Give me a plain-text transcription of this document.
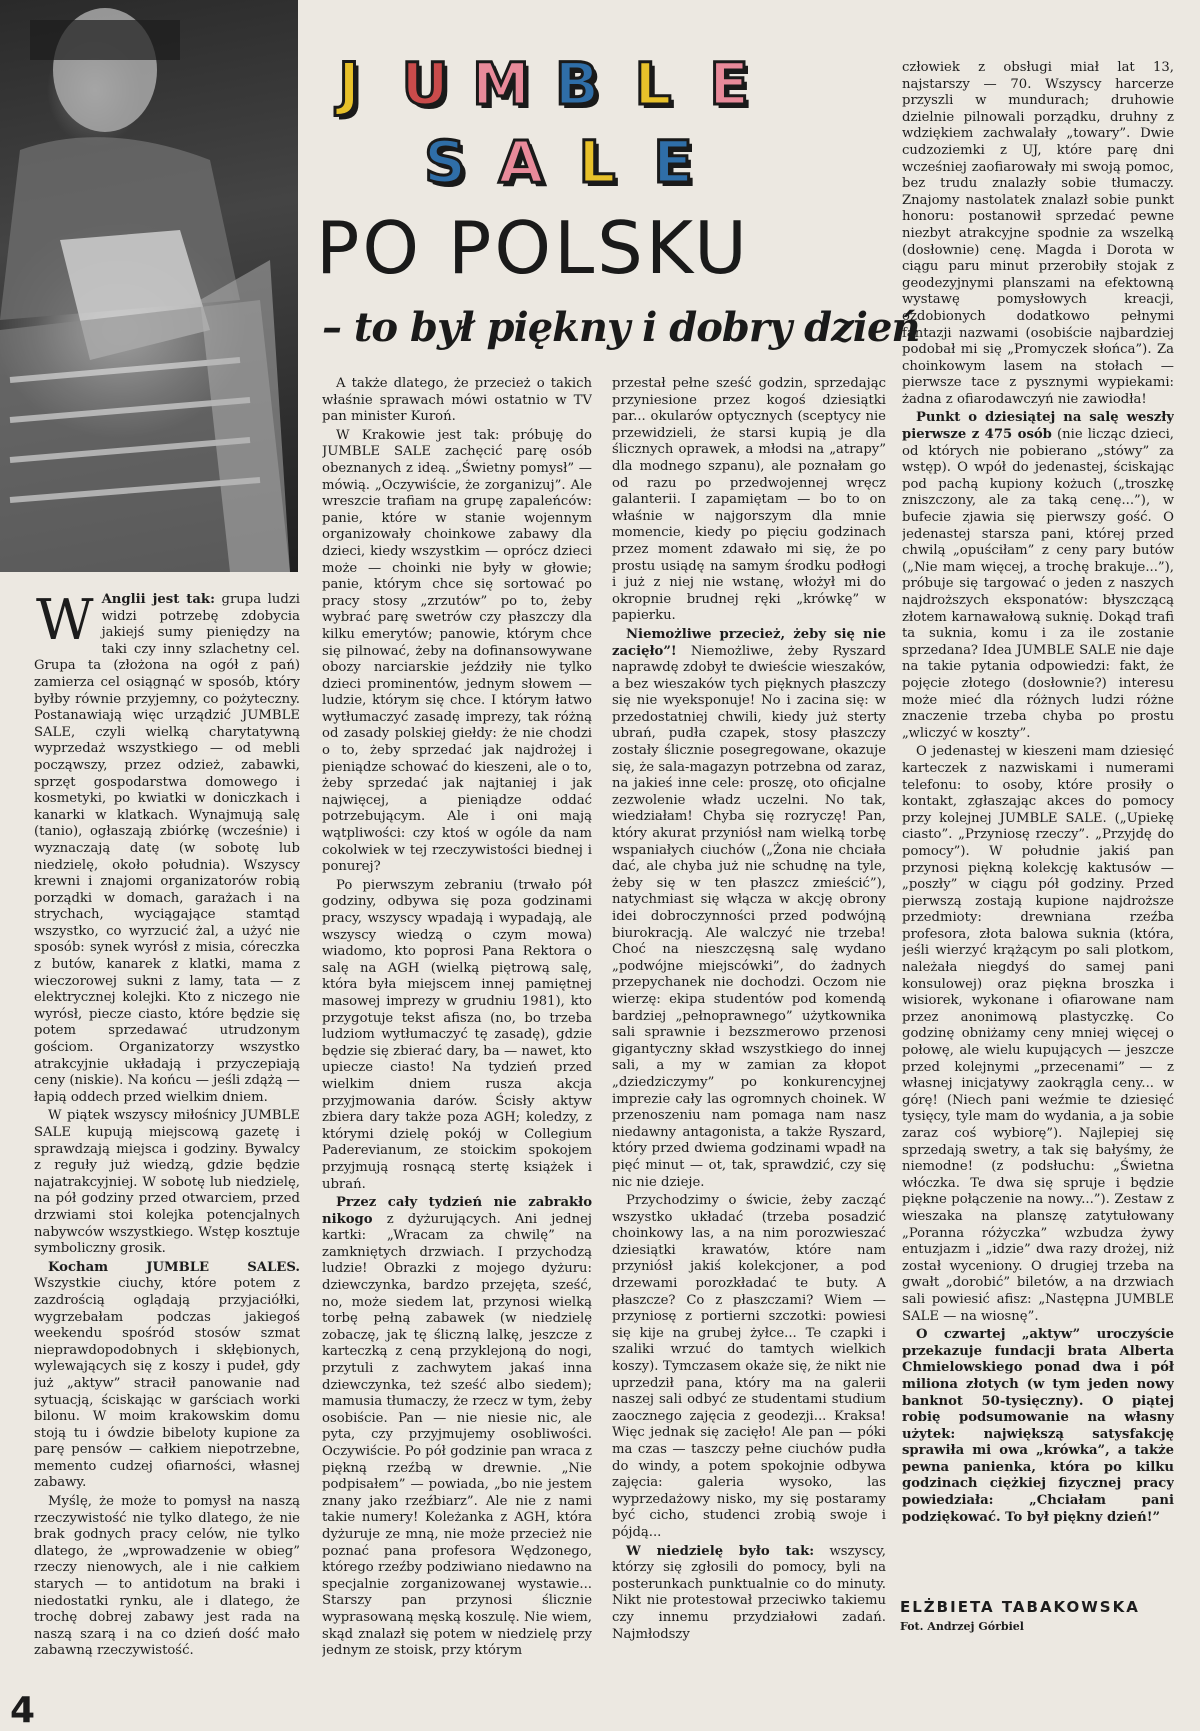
J U M B L E
S A L E
PO POLSKU
– to był piękny i dobry dzień

W Anglii jest tak: grupa ludzi widzi potrzebę zdobycia jakiejś sumy pieniędzy na taki czy inny szlachetny cel. Grupa ta (złożona na ogół z pań) zamierza cel osiągnąć w sposób, który byłby równie przyjemny, co pożyteczny. Postanawiają więc urządzić JUMBLE SALE, czyli wielką charytatywną wyprzedaż wszystkiego — od mebli począwszy, przez odzież, zabawki, sprzęt gospodarstwa domowego i kosmetyki, po kwiatki w doniczkach i kanarki w klatkach. Wynajmują salę (tanio), ogłaszają zbiórkę (wcześnie) i wyznaczają datę (w sobotę lub niedzielę, około południa). Wszyscy krewni i znajomi organizatorów robią porządki w domach, garażach i na strychach, wyciągające stamtąd wszystko, co wyrzucić żal, a użyć nie sposób: synek wyrósł z misia, córeczka z butów, kanarek z klatki, mama z wieczorowej sukni z lamy, tata — z elektrycznej kolejki. Kto z niczego nie wyrósł, piecze ciasto, które będzie się potem sprzedawać utrudzonym gościom. Organizatorzy wszystko atrakcyjnie układają i przyczepiają ceny (niskie). Na końcu — jeśli zdążą — łapią oddech przed wielkim dniem.

W piątek wszyscy miłośnicy JUMBLE SALE kupują miejscową gazetę i sprawdzają miejsca i godziny. Bywalcy z reguły już wiedzą, gdzie będzie najatrakcyjniej. W sobotę lub niedzielę, na pół godziny przed otwarciem, przed drzwiami stoi kolejka potencjalnych nabywców wszystkiego. Wstęp kosztuje symboliczny grosik.

Kocham JUMBLE SALES. Wszystkie ciuchy, które potem z zazdrością oglądają przyjaciółki, wygrzebałam podczas jakiegoś weekendu spośród stosów szmat nieprawdopodobnych i skłębionych, wylewających się z koszy i pudeł, gdy już „aktyw” stracił panowanie nad sytuacją, ściskając w garściach worki bilonu. W moim krakowskim domu stoją tu i ówdzie bibeloty kupione za parę pensów — całkiem niepotrzebne, memento cudzej ofiarności, własnej zabawy.

Myślę, że może to pomysł na naszą rzeczywistość nie tylko dlatego, że nie brak godnych pracy celów, nie tylko dlatego, że „wprowadzenie w obieg” rzeczy nienowych, ale i nie całkiem starych — to antidotum na braki i niedostatki rynku, ale i dlatego, że trochę dobrej zabawy jest rada na naszą szarą i na co dzień dość mało zabawną rzeczywistość.

A także dlatego, że przecież o takich właśnie sprawach mówi ostatnio w TV pan minister Kuroń.

W Krakowie jest tak: próbuję do JUMBLE SALE zachęcić parę osób obeznanych z ideą. „Świetny pomysł” — mówią. „Oczywiście, że zorganizuj”. Ale wreszcie trafiam na grupę zapaleńców: panie, które w stanie wojennym organizowały choinkowe zabawy dla dzieci, kiedy wszystkim — oprócz dzieci może — choinki nie były w głowie; panie, którym chce się sortować po pracy stosy „zrzutów” po to, żeby wybrać parę swetrów czy płaszczy dla kilku emerytów; panowie, którym chce się pilnować, żeby na dofinansowywane obozy narciarskie jeździły nie tylko dzieci prominentów, jednym słowem — ludzie, którym się chce. I którym łatwo wytłumaczyć zasadę imprezy, tak różną od zasady polskiej giełdy: że nie chodzi o to, żeby sprzedać jak najdrożej i pieniądze schować do kieszeni, ale o to, żeby sprzedać jak najtaniej i jak najwięcej, a pieniądze oddać potrzebującym. Ale i oni mają wątpliwości: czy ktoś w ogóle da nam cokolwiek w tej rzeczywistości biednej i ponurej?

Po pierwszym zebraniu (trwało pół godziny, odbywa się poza godzinami pracy, wszyscy wpadają i wypadają, ale wszyscy wiedzą o czym mowa) wiadomo, kto poprosi Pana Rektora o salę na AGH (wielką piętrową salę, która była miejscem innej pamiętnej masowej imprezy w grudniu 1981), kto przygotuje tekst afisza (no, bo trzeba ludziom wytłumaczyć tę zasadę), gdzie będzie się zbierać dary, ba — nawet, kto upiecze ciasto! Na tydzień przed wielkim dniem rusza akcja przyjmowania darów. Ścisły aktyw zbiera dary także poza AGH; koledzy, z którymi dzielę pokój w Collegium Paderevianum, ze stoickim spokojem przyjmują rosnącą stertę książek i ubrań.

Przez cały tydzień nie zabrakło nikogo z dyżurujących. Ani jednej kartki: „Wracam za chwilę” na zamkniętych drzwiach. I przychodzą ludzie! Obrazki z mojego dyżuru: dziewczynka, bardzo przejęta, sześć, no, może siedem lat, przynosi wielką torbę pełną zabawek (w niedzielę zobaczę, jak tę śliczną lalkę, jeszcze z karteczką z ceną przyklejoną do nogi, przytuli z zachwytem jakaś inna dziewczynka, też sześć albo siedem); mamusia tłumaczy, że rzecz w tym, żeby osobiście. Pan — nie niesie nic, ale pyta, czy przyjmujemy osobliwości. Oczywiście. Po pół godzinie pan wraca z piękną rzeźbą w drewnie. „Nie podpisałem” — powiada, „bo nie jestem znany jako rzeźbiarz”. Ale nie z nami takie numery! Koleżanka z AGH, która dyżuruje ze mną, nie może przecież nie poznać pana profesora Wędzonego, którego rzeźby podziwiano niedawno na specjalnie zorganizowanej wystawie... Starszy pan przynosi ślicznie wyprasowaną męską koszulę. Nie wiem, skąd znalazł się potem w niedzielę przy jednym ze stoisk, przy którym

przestał pełne sześć godzin, sprzedając przyniesione przez kogoś dziesiątki par... okularów optycznych (sceptycy nie przewidzieli, że starsi kupią je dla ślicznych oprawek, a młodsi na „atrapy” dla modnego szpanu), ale poznałam go od razu po przedwojennej wręcz galanterii. I zapamiętam — bo to on właśnie w najgorszym dla mnie momencie, kiedy po pięciu godzinach przez moment zdawało mi się, że po prostu usiądę na samym środku podłogi i już z niej nie wstanę, włożył mi do okropnie brudnej ręki „krówkę” w papierku.

Niemożliwe przecież, żeby się nie zacięło”! Niemożliwe, żeby Ryszard naprawdę zdobył te dwieście wieszaków, a bez wieszaków tych pięknych płaszczy się nie wyeksponuje! No i zacina się: w przedostatniej chwili, kiedy już sterty ubrań, pudła czapek, stosy płaszczy zostały ślicznie posegregowane, okazuje się, że sala-magazyn potrzebna od zaraz, na jakieś inne cele: proszę, oto oficjalne zezwolenie władz uczelni. No tak, wiedziałam! Chyba się rozryczę! Pan, który akurat przyniósł nam wielką torbę wspaniałych ciuchów („Żona nie chciała dać, ale chyba już nie schudnę na tyle, żeby się w ten płaszcz zmieścić”), natychmiast się włącza w akcję obrony idei dobroczynności przed podwójną biurokracją. Ale walczyć nie trzeba! Choć na nieszczęsną salę wydano „podwójne miejscówki”, do żadnych przepychanek nie dochodzi. Oczom nie wierzę: ekipa studentów pod komendą bardziej „pełnoprawnego” użytkownika sali sprawnie i bezszmerowo przenosi gigantyczny skład wszystkiego do innej sali, a my w zamian za kłopot „dziedziczymy” po konkurencyjnej imprezie cały las ogromnych choinek. W przenoszeniu nam pomaga nam nasz niedawny antagonista, a także Ryszard, który przed dwiema godzinami wpadł na pięć minut — ot, tak, sprawdzić, czy się nic nie dzieje.

Przychodzimy o świcie, żeby zacząć wszystko układać (trzeba posadzić choinkowy las, a na nim porozwieszać dziesiątki krawatów, które nam przyniósł jakiś kolekcjoner, a pod drzewami porozkładać te buty. A płaszcze? Co z płaszczami? Wiem — przyniosę z portierni szczotki: powiesi się kije na grubej żyłce... Te czapki i szaliki wrzuć do tamtych wielkich koszy). Tymczasem okaże się, że nikt nie uprzedził pana, który ma na galerii naszej sali odbyć ze studentami studium zaocznego zajęcia z geodezji... Kraksa! Więc jednak się zacięło! Ale pan — póki ma czas — taszczy pełne ciuchów pudła do windy, a potem spokojnie odbywa zajęcia: galeria wysoko, las wyprzedażowy nisko, my się postaramy być cicho, studenci zrobią swoje i pójdą...

W niedzielę było tak: wszyscy, którzy się zgłosili do pomocy, byli na posterunkach punktualnie co do minuty. Nikt nie protestował przeciwko takiemu czy innemu przydziałowi zadań. Najmłodszy

człowiek z obsługi miał lat 13, najstarszy — 70. Wszyscy harcerze przyszli w mundurach; druhowie dzielnie pilnowali porządku, druhny z wdziękiem zachwalały „towary”. Dwie cudzoziemki z UJ, które parę dni wcześniej zaofiarowały mi swoją pomoc, bez trudu znalazły sobie tłumaczy. Znajomy nastolatek znalazł sobie punkt honoru: postanowił sprzedać pewne niezbyt atrakcyjne spodnie za wszelką (dosłownie) cenę. Magda i Dorota w ciągu paru minut przerobiły stojak z geodezyjnymi planszami na efektowną wystawę pomysłowych kreacji, ozdobionych dodatkowo pełnymi fantazji nazwami (osobiście najbardziej podobał mi się „Promyczek słońca”). Za choinkowym lasem na stołach — pierwsze tace z pysznymi wypiekami: żadna z ofiarodawczyń nie zawiodła!

Punkt o dziesiątej na salę weszły pierwsze z 475 osób (nie licząc dzieci, od których nie pobierano „stówy” za wstęp). O wpół do jedenastej, ściskając pod pachą kupiony kożuch („troszkę zniszczony, ale za taką cenę...”), w bufecie zjawia się pierwszy gość. O jedenastej starsza pani, której przed chwilą „opuściłam” z ceny pary butów („Nie mam więcej, a trochę brakuje...”), próbuje się targować o jeden z naszych najdroższych eksponatów: błyszczącą złotem karnawałową suknię. Dokąd trafi ta suknia, komu i za ile zostanie sprzedana? Idea JUMBLE SALE nie daje na takie pytania odpowiedzi: fakt, że pojęcie złotego (dosłownie?) interesu może mieć dla różnych ludzi różne znaczenie trzeba chyba po prostu „wliczyć w koszty”.

O jedenastej w kieszeni mam dziesięć karteczek z nazwiskami i numerami telefonu: to osoby, które prosiły o kontakt, zgłaszając akces do pomocy przy kolejnej JUMBLE SALE. („Upiekę ciasto”. „Przyniosę rzeczy”. „Przyjdę do pomocy”). W południe jakiś pan przynosi piękną kolekcję kaktusów — „poszły” w ciągu pół godziny. Przed pierwszą zostają kupione najdroższe przedmioty: drewniana rzeźba profesora, złota balowa suknia (która, jeśli wierzyć krążącym po sali plotkom, należała niegdyś do samej pani konsulowej) oraz piękna broszka i wisiorek, wykonane i ofiarowane nam przez anonimową plastyczkę. Co godzinę obniżamy ceny mniej więcej o połowę, ale wielu kupujących — jeszcze przed kolejnymi „przecenami” — z własnej inicjatywy zaokrągla ceny... w górę! (Niech pani weźmie te dziesięć tysięcy, tyle mam do wydania, a ja sobie zaraz coś wybiorę”). Najlepiej się sprzedają swetry, a tak się bałyśmy, że niemodne! (z podsłuchu: „Świetna włóczka. Te dwa się spruje i będzie piękne połączenie na nowy...”). Zestaw z wieszaka na planszę zatytułowany „Poranna różyczka” wzbudza żywy entuzjazm i „idzie” dwa razy drożej, niż został wyceniony. O drugiej trzeba na gwałt „dorobić” biletów, a na drzwiach sali powiesić afisz: „Następna JUMBLE SALE — na wiosnę”.

O czwartej „aktyw” uroczyście przekazuje fundacji brata Alberta Chmielowskiego ponad dwa i pół miliona złotych (w tym jeden nowy banknot 50-tysięczny). O piątej robię podsumowanie na własny użytek: największą satysfakcję sprawiła mi owa „krówka”, a także pewna panienka, która po kilku godzinach ciężkiej fizycznej pracy powiedziała: „Chciałam pani podziękować. To był piękny dzień!”

ELŻBIETA TABAKOWSKA
Fot. Andrzej Górbiel
4
